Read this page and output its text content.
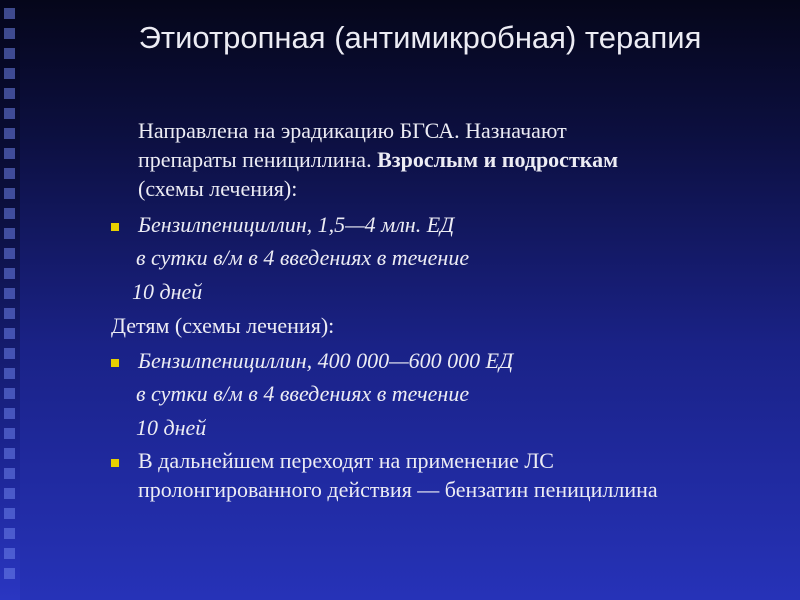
Этиотропная (антимикробная) терапия
Направлена на эрадикацию БГСА. Назначают
препараты пенициллина. Взрослым и подросткам
(схемы лечения):
Бензилпенициллин, 1,5—4 млн. ЕД
в сутки в/м в 4 введениях в течение
10 дней
Детям (схемы лечения):
Бензилпенициллин, 400 000—600 000 ЕД
в сутки в/м в 4 введениях в течение
10 дней
В дальнейшем переходят на применение ЛС
пролонгированного действия — бензатин пенициллина
